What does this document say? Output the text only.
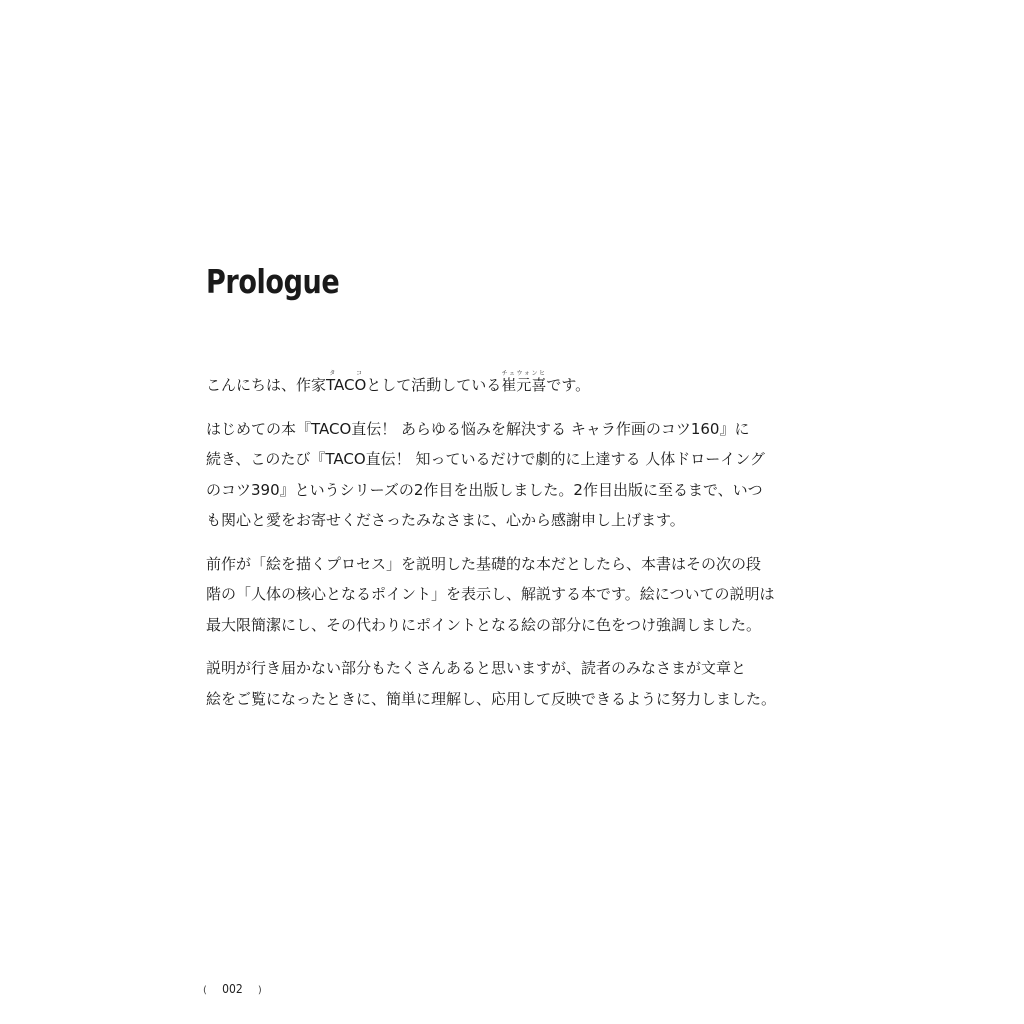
Prologue

こんにちは、作家TACOタ　コとして活動している崔元喜チェウォンヒです。

はじめての本『TACO直伝！ あらゆる悩みを解決する キャラ作画のコツ160』に
続き、このたび『TACO直伝！ 知っているだけで劇的に上達する 人体ドローイング
のコツ390』というシリーズの2作目を出版しました。2作目出版に至るまで、いつ
も関心と愛をお寄せくださったみなさまに、心から感謝申し上げます。

前作が「絵を描くプロセス」を説明した基礎的な本だとしたら、本書はその次の段
階の「人体の核心となるポイント」を表示し、解説する本です。絵についての説明は
最大限簡潔にし、その代わりにポイントとなる絵の部分に色をつけ強調しました。

説明が行き届かない部分もたくさんあると思いますが、読者のみなさまが文章と
絵をご覧になったときに、簡単に理解し、応用して反映できるように努力しました。

( 002 )
